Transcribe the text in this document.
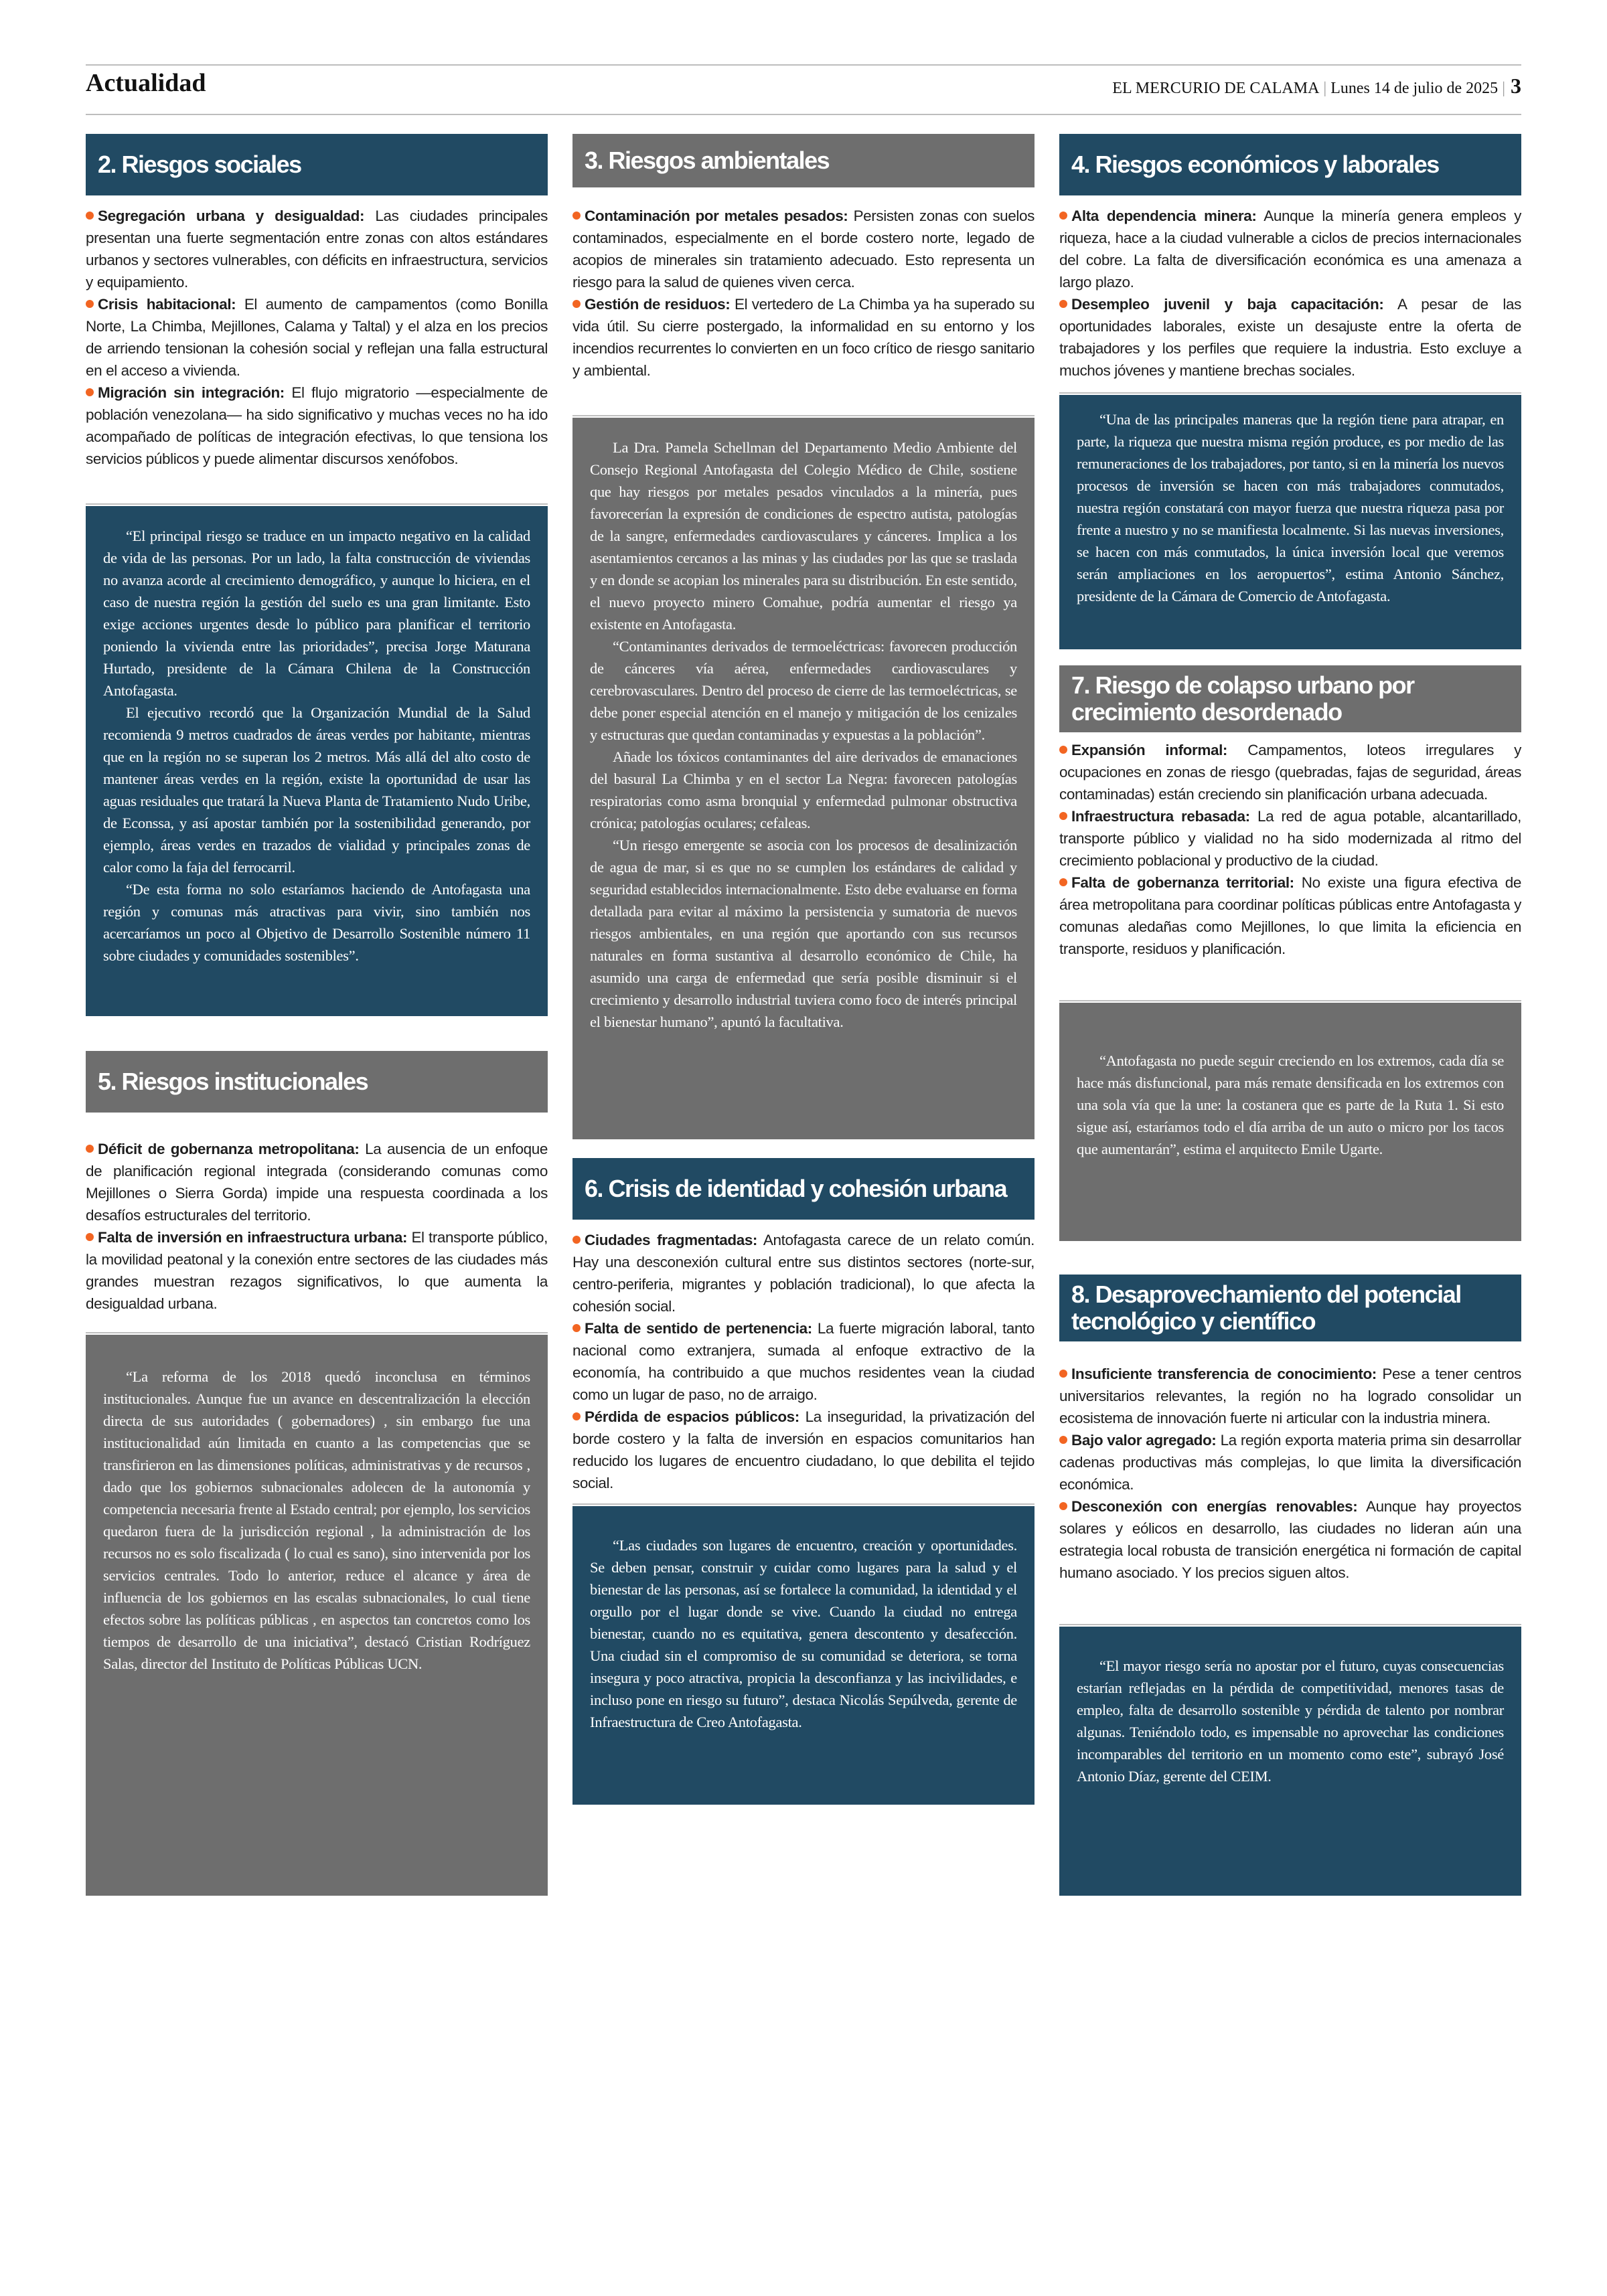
Actualidad	EL MERCURIO DE CALAMA | Lunes 14 de julio de 2025 | 3
2. Riesgos sociales

Segregación urbana y desigualdad: Las ciudades principales presentan una fuerte segmentación entre zonas con altos estándares urbanos y sectores vulnerables, con déficits en infraestructura, servicios y equipamiento.

Crisis habitacional: El aumento de campamentos (como Bonilla Norte, La Chimba, Mejillones, Calama y Taltal) y el alza en los precios de arriendo tensionan la cohesión social y reflejan una falla estructural en el acceso a vivienda.

Migración sin integración: El flujo migratorio —especialmente de población venezolana— ha sido significativo y muchas veces no ha ido acompañado de políticas de integración efectivas, lo que tensiona los servicios públicos y puede alimentar discursos xenófobos.

“El principal riesgo se traduce en un impacto negativo en la calidad de vida de las personas. Por un lado, la falta construcción de viviendas no avanza acorde al crecimiento demográfico, y aunque lo hiciera, en el caso de nuestra región la gestión del suelo es una gran limitante. Esto exige acciones urgentes desde lo público para planificar el territorio poniendo la vivienda entre las prioridades”, precisa Jorge Maturana Hurtado, presidente de la Cámara Chilena de la Construcción Antofagasta.

El ejecutivo recordó que la Organización Mundial de la Salud recomienda 9 metros cuadrados de áreas verdes por habitante, mientras que en la región no se superan los 2 metros. Más allá del alto costo de mantener áreas verdes en la región, existe la oportunidad de usar las aguas residuales que tratará la Nueva Planta de Tratamiento Nudo Uribe, de Econssa, y así apostar también por la sostenibilidad generando, por ejemplo, áreas verdes en trazados de vialidad y principales zonas de calor como la faja del ferrocarril.

“De esta forma no solo estaríamos haciendo de Antofagasta una región y comunas más atractivas para vivir, sino también nos acercaríamos un poco al Objetivo de Desarrollo Sostenible número 11 sobre ciudades y comunidades sostenibles”.

5. Riesgos institucionales

Déficit de gobernanza metropolitana: La ausencia de un enfoque de planificación regional integrada (considerando comunas como Mejillones o Sierra Gorda) impide una respuesta coordinada a los desafíos estructurales del territorio.

Falta de inversión en infraestructura urbana: El transporte público, la movilidad peatonal y la conexión entre sectores de las ciudades más grandes muestran rezagos significativos, lo que aumenta la desigualdad urbana.

“La reforma de los 2018 quedó inconclusa en términos institucionales. Aunque fue un avance en descentralización la elección directa de sus autoridades ( gobernadores) , sin embargo fue una institucionalidad aún limitada en cuanto a las competencias que se transfirieron en las dimensiones políticas, administrativas y de recursos , dado que los gobiernos subnacionales adolecen de la autonomía y competencia necesaria frente al Estado central; por ejemplo, los servicios quedaron fuera de la jurisdicción regional , la administración de los recursos no es solo fiscalizada ( lo cual es sano), sino intervenida por los servicios centrales. Todo lo anterior, reduce el alcance y área de influencia de los gobiernos en las escalas subnacionales, lo cual tiene efectos sobre las políticas públicas , en aspectos tan concretos como los tiempos de desarrollo de una iniciativa”, destacó Cristian Rodríguez Salas, director del Instituto de Políticas Públicas UCN.

3. Riesgos ambientales

Contaminación por metales pesados: Persisten zonas con suelos contaminados, especialmente en el borde costero norte, legado de acopios de minerales sin tratamiento adecuado. Esto representa un riesgo para la salud de quienes viven cerca.

Gestión de residuos: El vertedero de La Chimba ya ha superado su vida útil. Su cierre postergado, la informalidad en su entorno y los incendios recurrentes lo convierten en un foco crítico de riesgo sanitario y ambiental.

La Dra. Pamela Schellman del Departamento Medio Ambiente del Consejo Regional Antofagasta del Colegio Médico de Chile, sostiene que hay riesgos por metales pesados vinculados a la minería, pues favorecerían la expresión de condiciones de espectro autista, patologías de la sangre, enfermedades cardiovasculares y cánceres. Implica a los asentamientos cercanos a las minas y las ciudades por las que se traslada y en donde se acopian los minerales para su distribución. En este sentido, el nuevo proyecto minero Comahue, podría aumentar el riesgo ya existente en Antofagasta.

“Contaminantes derivados de termoeléctricas: favorecen producción de cánceres vía aérea, enfermedades cardiovasculares y cerebrovasculares. Dentro del proceso de cierre de las termoeléctricas, se debe poner especial atención en el manejo y mitigación de los cenizales y estructuras que quedan contaminadas y expuestas a la población”.

Añade los tóxicos contaminantes del aire derivados de emanaciones del basural La Chimba y en el sector La Negra: favorecen patologías respiratorias como asma bronquial y enfermedad pulmonar obstructiva crónica; patologías oculares; cefaleas.

“Un riesgo emergente se asocia con los procesos de desalinización de agua de mar, si es que no se cumplen los estándares de calidad y seguridad establecidos internacionalmente. Esto debe evaluarse en forma detallada para evitar al máximo la persistencia y sumatoria de nuevos riesgos ambientales, en una región que aportando con sus recursos naturales en forma sustantiva al desarrollo económico de Chile, ha asumido una carga de enfermedad que sería posible disminuir si el crecimiento y desarrollo industrial tuviera como foco de interés principal el bienestar humano”, apuntó la facultativa.

6. Crisis de identidad y cohesión urbana

Ciudades fragmentadas: Antofagasta carece de un relato común. Hay una desconexión cultural entre sus distintos sectores (norte-sur, centro-periferia, migrantes y población tradicional), lo que afecta la cohesión social.

Falta de sentido de pertenencia: La fuerte migración laboral, tanto nacional como extranjera, sumada al enfoque extractivo de la economía, ha contribuido a que muchos residentes vean la ciudad como un lugar de paso, no de arraigo.

Pérdida de espacios públicos: La inseguridad, la privatización del borde costero y la falta de inversión en espacios comunitarios han reducido los lugares de encuentro ciudadano, lo que debilita el tejido social.

“Las ciudades son lugares de encuentro, creación y oportunidades. Se deben pensar, construir y cuidar como lugares para la salud y el bienestar de las personas, así se fortalece la comunidad, la identidad y el orgullo por el lugar donde se vive. Cuando la ciudad no entrega bienestar, cuando no es equitativa, genera descontento y desafección. Una ciudad sin el compromiso de su comunidad se deteriora, se torna insegura y poco atractiva, propicia la desconfianza y las incivilidades, e incluso pone en riesgo su futuro”, destaca Nicolás Sepúlveda, gerente de Infraestructura de Creo Antofagasta.

4. Riesgos económicos y laborales

Alta dependencia minera: Aunque la minería genera empleos y riqueza, hace a la ciudad vulnerable a ciclos de precios internacionales del cobre. La falta de diversificación económica es una amenaza a largo plazo.

Desempleo juvenil y baja capacitación: A pesar de las oportunidades laborales, existe un desajuste entre la oferta de trabajadores y los perfiles que requiere la industria. Esto excluye a muchos jóvenes y mantiene brechas sociales.

“Una de las principales maneras que la región tiene para atrapar, en parte, la riqueza que nuestra misma región produce, es por medio de las remuneraciones de los trabajadores, por tanto, si en la minería los nuevos procesos de inversión se hacen con más trabajadores conmutados, nuestra región constatará con mayor fuerza que nuestra riqueza pasa por frente a nuestro y no se manifiesta localmente. Si las nuevas inversiones, se hacen con más conmutados, la única inversión local que veremos serán ampliaciones en los aeropuertos”, estima Antonio Sánchez, presidente de la Cámara de Comercio de Antofagasta.

7. Riesgo de colapso urbano por crecimiento desordenado

Expansión informal: Campamentos, loteos irregulares y ocupaciones en zonas de riesgo (quebradas, fajas de seguridad, áreas contaminadas) están creciendo sin planificación urbana adecuada.

Infraestructura rebasada: La red de agua potable, alcantarillado, transporte público y vialidad no ha sido modernizada al ritmo del crecimiento poblacional y productivo de la ciudad.

Falta de gobernanza territorial: No existe una figura efectiva de área metropolitana para coordinar políticas públicas entre Antofagasta y comunas aledañas como Mejillones, lo que limita la eficiencia en transporte, residuos y planificación.

“Antofagasta no puede seguir creciendo en los extremos, cada día se hace más disfuncional, para más remate densificada en los extremos con una sola vía que la une: la costanera que es parte de la Ruta 1. Si esto sigue así, estaríamos todo el día arriba de un auto o micro por los tacos que aumentarán”, estima el arquitecto Emile Ugarte.

8. Desaprovechamiento del potencial tecnológico y científico

Insuficiente transferencia de conocimiento: Pese a tener centros universitarios relevantes, la región no ha logrado consolidar un ecosistema de innovación fuerte ni articular con la industria minera.

Bajo valor agregado: La región exporta materia prima sin desarrollar cadenas productivas más complejas, lo que limita la diversificación económica.

Desconexión con energías renovables: Aunque hay proyectos solares y eólicos en desarrollo, las ciudades no lideran aún una estrategia local robusta de transición energética ni formación de capital humano asociado. Y los precios siguen altos.

“El mayor riesgo sería no apostar por el futuro, cuyas consecuencias estarían reflejadas en la pérdida de competitividad, menores tasas de empleo, falta de desarrollo sostenible y pérdida de talento por nombrar algunas. Teniéndolo todo, es impensable no aprovechar las condiciones incomparables del territorio en un momento como este”, subrayó José Antonio Díaz, gerente del CEIM.
